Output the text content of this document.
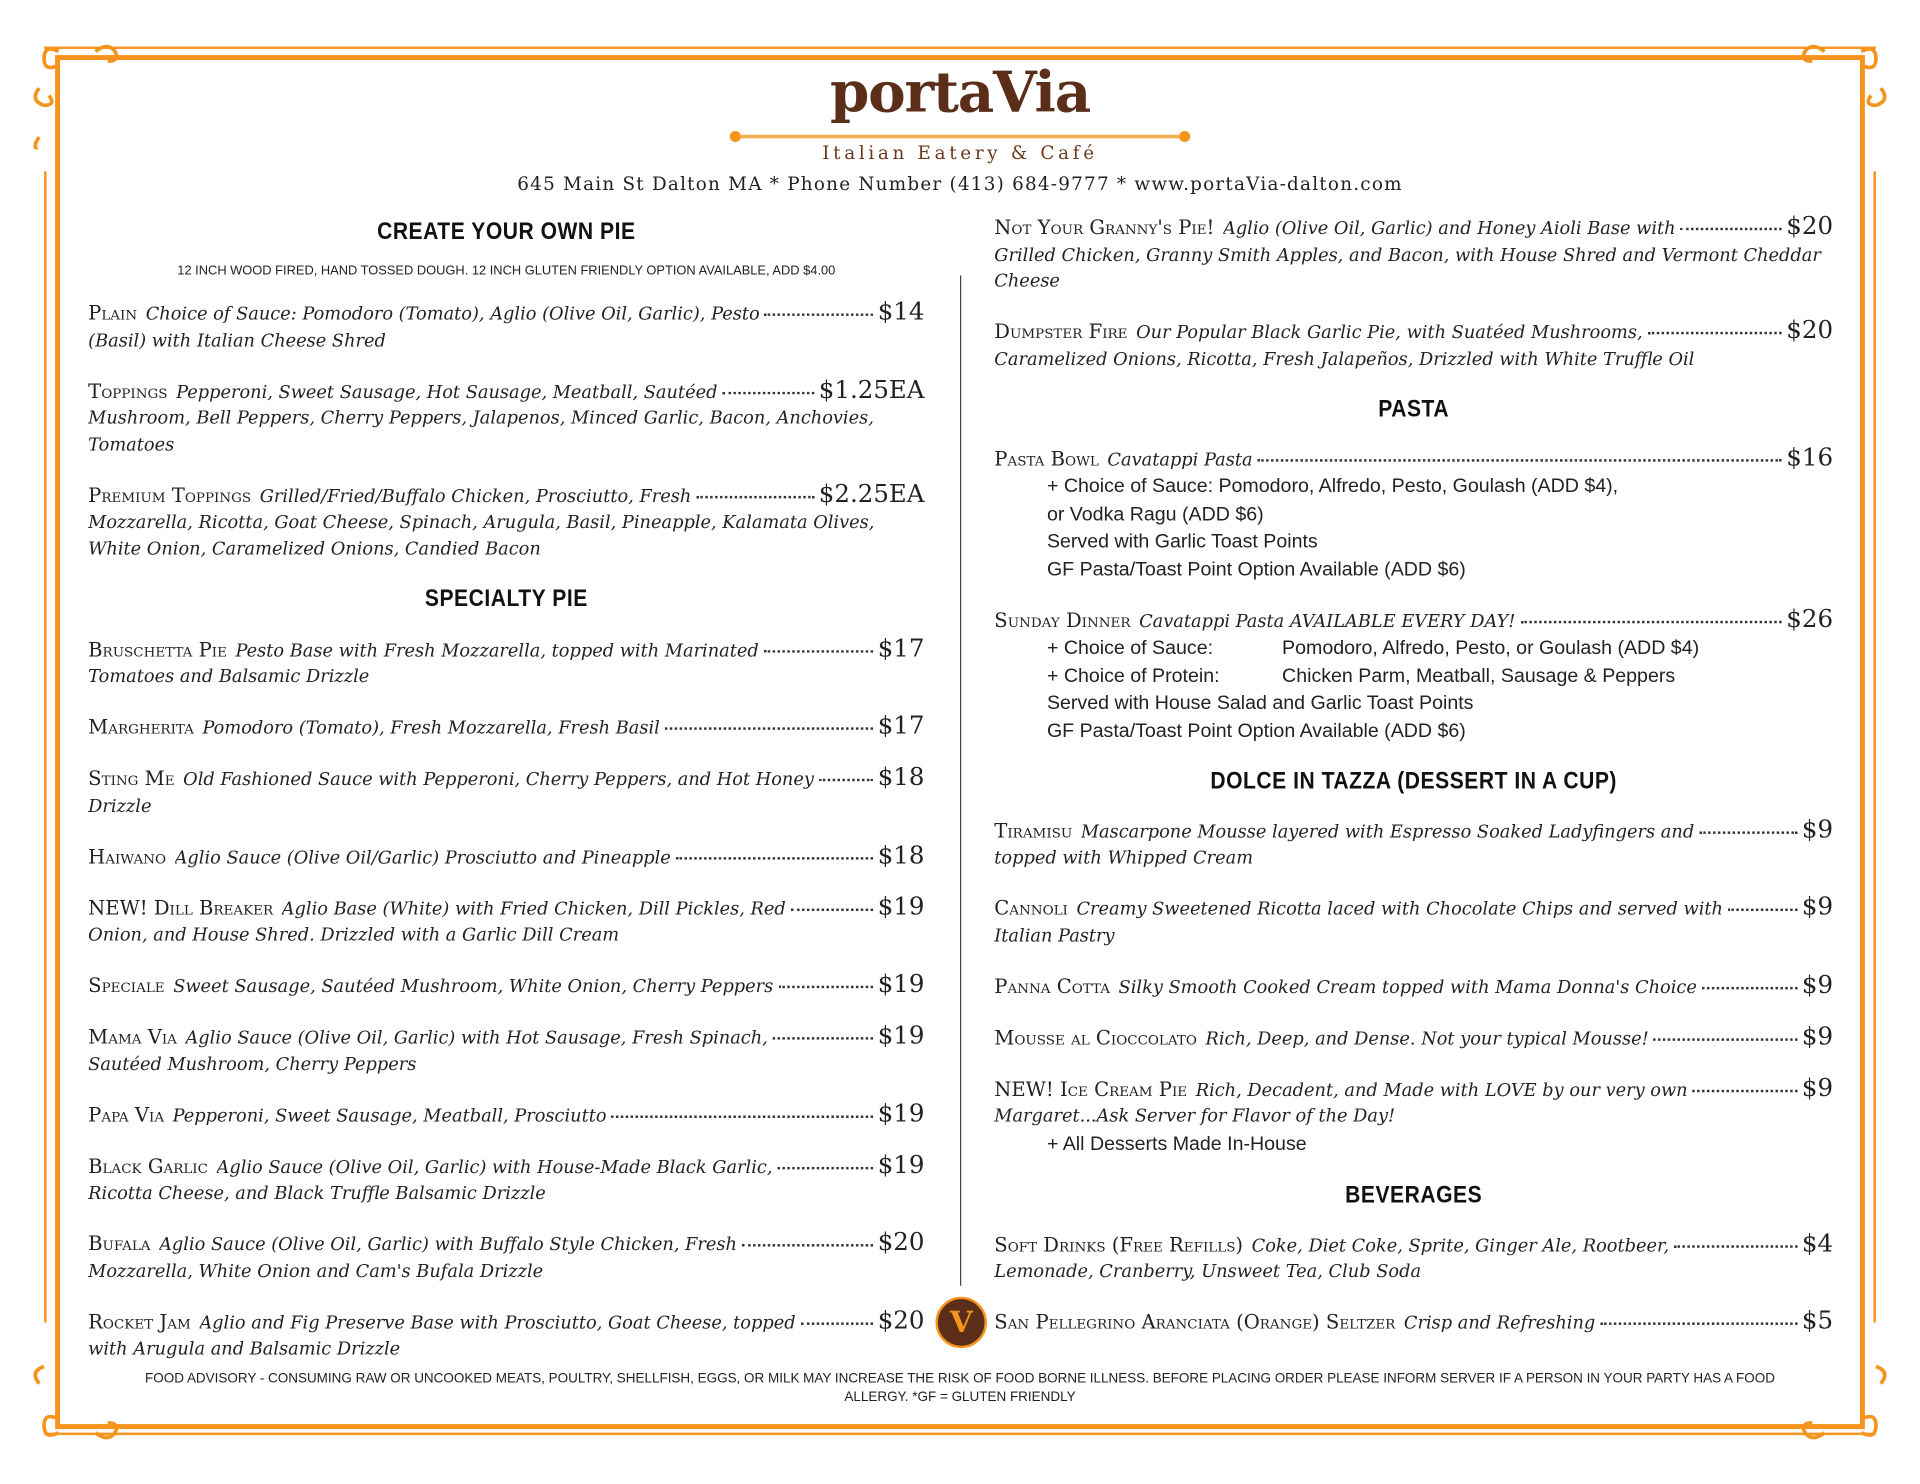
portaVia
Italian Eatery & Café
645 Main St Dalton MA * Phone Number (413) 684-9777 * www.portaVia-dalton.com
CREATE YOUR OWN PIE
12 INCH WOOD FIRED, HAND TOSSED DOUGH. 12 INCH GLUTEN FRIENDLY OPTION AVAILABLE, ADD $4.00
Plain Choice of Sauce: Pomodoro (Tomato), Aglio (Olive Oil, Garlic), Pesto	$14
(Basil) with Italian Cheese Shred
Toppings Pepperoni, Sweet Sausage, Hot Sausage, Meatball, Sautéed	$1.25EA
Mushroom, Bell Peppers, Cherry Peppers, Jalapenos, Minced Garlic, Bacon, Anchovies, Tomatoes
Premium Toppings Grilled/Fried/Buffalo Chicken, Prosciutto, Fresh	$2.25EA
Mozzarella, Ricotta, Goat Cheese, Spinach, Arugula, Basil, Pineapple, Kalamata Olives, White Onion, Caramelized Onions, Candied Bacon
SPECIALTY PIE
Bruschetta Pie Pesto Base with Fresh Mozzarella, topped with Marinated	$17
Tomatoes and Balsamic Drizzle
Margherita Pomodoro (Tomato), Fresh Mozzarella, Fresh Basil	$17
Sting Me Old Fashioned Sauce with Pepperoni, Cherry Peppers, and Hot Honey	$18
Drizzle
Haiwano Aglio Sauce (Olive Oil/Garlic) Prosciutto and Pineapple	$18
NEW! Dill Breaker Aglio Base (White) with Fried Chicken, Dill Pickles, Red	$19
Onion, and House Shred. Drizzled with a Garlic Dill Cream
Speciale Sweet Sausage, Sautéed Mushroom, White Onion, Cherry Peppers	$19
Mama Via Aglio Sauce (Olive Oil, Garlic) with Hot Sausage, Fresh Spinach,	$19
Sautéed Mushroom, Cherry Peppers
Papa Via Pepperoni, Sweet Sausage, Meatball, Prosciutto	$19
Black Garlic Aglio Sauce (Olive Oil, Garlic) with House-Made Black Garlic,	$19
Ricotta Cheese, and Black Truffle Balsamic Drizzle
Bufala Aglio Sauce (Olive Oil, Garlic) with Buffalo Style Chicken, Fresh	$20
Mozzarella, White Onion and Cam's Bufala Drizzle
Rocket Jam Aglio and Fig Preserve Base with Prosciutto, Goat Cheese, topped	$20
with Arugula and Balsamic Drizzle
Not Your Granny's Pie! Aglio (Olive Oil, Garlic) and Honey Aioli Base with	$20
Grilled Chicken, Granny Smith Apples, and Bacon, with House Shred and Vermont Cheddar Cheese
Dumpster Fire Our Popular Black Garlic Pie, with Suatéed Mushrooms,	$20
Caramelized Onions, Ricotta, Fresh Jalapeños, Drizzled with White Truffle Oil
PASTA
Pasta Bowl Cavatappi Pasta	$16
+ Choice of Sauce: Pomodoro, Alfredo, Pesto, Goulash (ADD $4),
or Vodka Ragu (ADD $6)
Served with Garlic Toast Points
GF Pasta/Toast Point Option Available (ADD $6)
Sunday Dinner Cavatappi Pasta AVAILABLE EVERY DAY!	$26
+ Choice of Sauce:	Pomodoro, Alfredo, Pesto, or Goulash (ADD $4)
+ Choice of Protein:	Chicken Parm, Meatball, Sausage & Peppers
Served with House Salad and Garlic Toast Points
GF Pasta/Toast Point Option Available (ADD $6)
DOLCE IN TAZZA (DESSERT IN A CUP)
Tiramisu Mascarpone Mousse layered with Espresso Soaked Ladyfingers and	$9
topped with Whipped Cream
Cannoli Creamy Sweetened Ricotta laced with Chocolate Chips and served with	$9
Italian Pastry
Panna Cotta Silky Smooth Cooked Cream topped with Mama Donna's Choice	$9
Mousse al Cioccolato Rich, Deep, and Dense. Not your typical Mousse!	$9
NEW! Ice Cream Pie Rich, Decadent, and Made with LOVE by our very own	$9
Margaret...Ask Server for Flavor of the Day!
+ All Desserts Made In-House
BEVERAGES
Soft Drinks (Free Refills) Coke, Diet Coke, Sprite, Ginger Ale, Rootbeer,	$4
Lemonade, Cranberry, Unsweet Tea, Club Soda
San Pellegrino Aranciata (Orange) Seltzer Crisp and Refreshing	$5
V
FOOD ADVISORY - CONSUMING RAW OR UNCOOKED MEATS, POULTRY, SHELLFISH, EGGS, OR MILK MAY INCREASE THE RISK OF FOOD BORNE ILLNESS. BEFORE PLACING ORDER PLEASE INFORM SERVER IF A PERSON IN YOUR PARTY HAS A FOOD ALLERGY. *GF = GLUTEN FRIENDLY
